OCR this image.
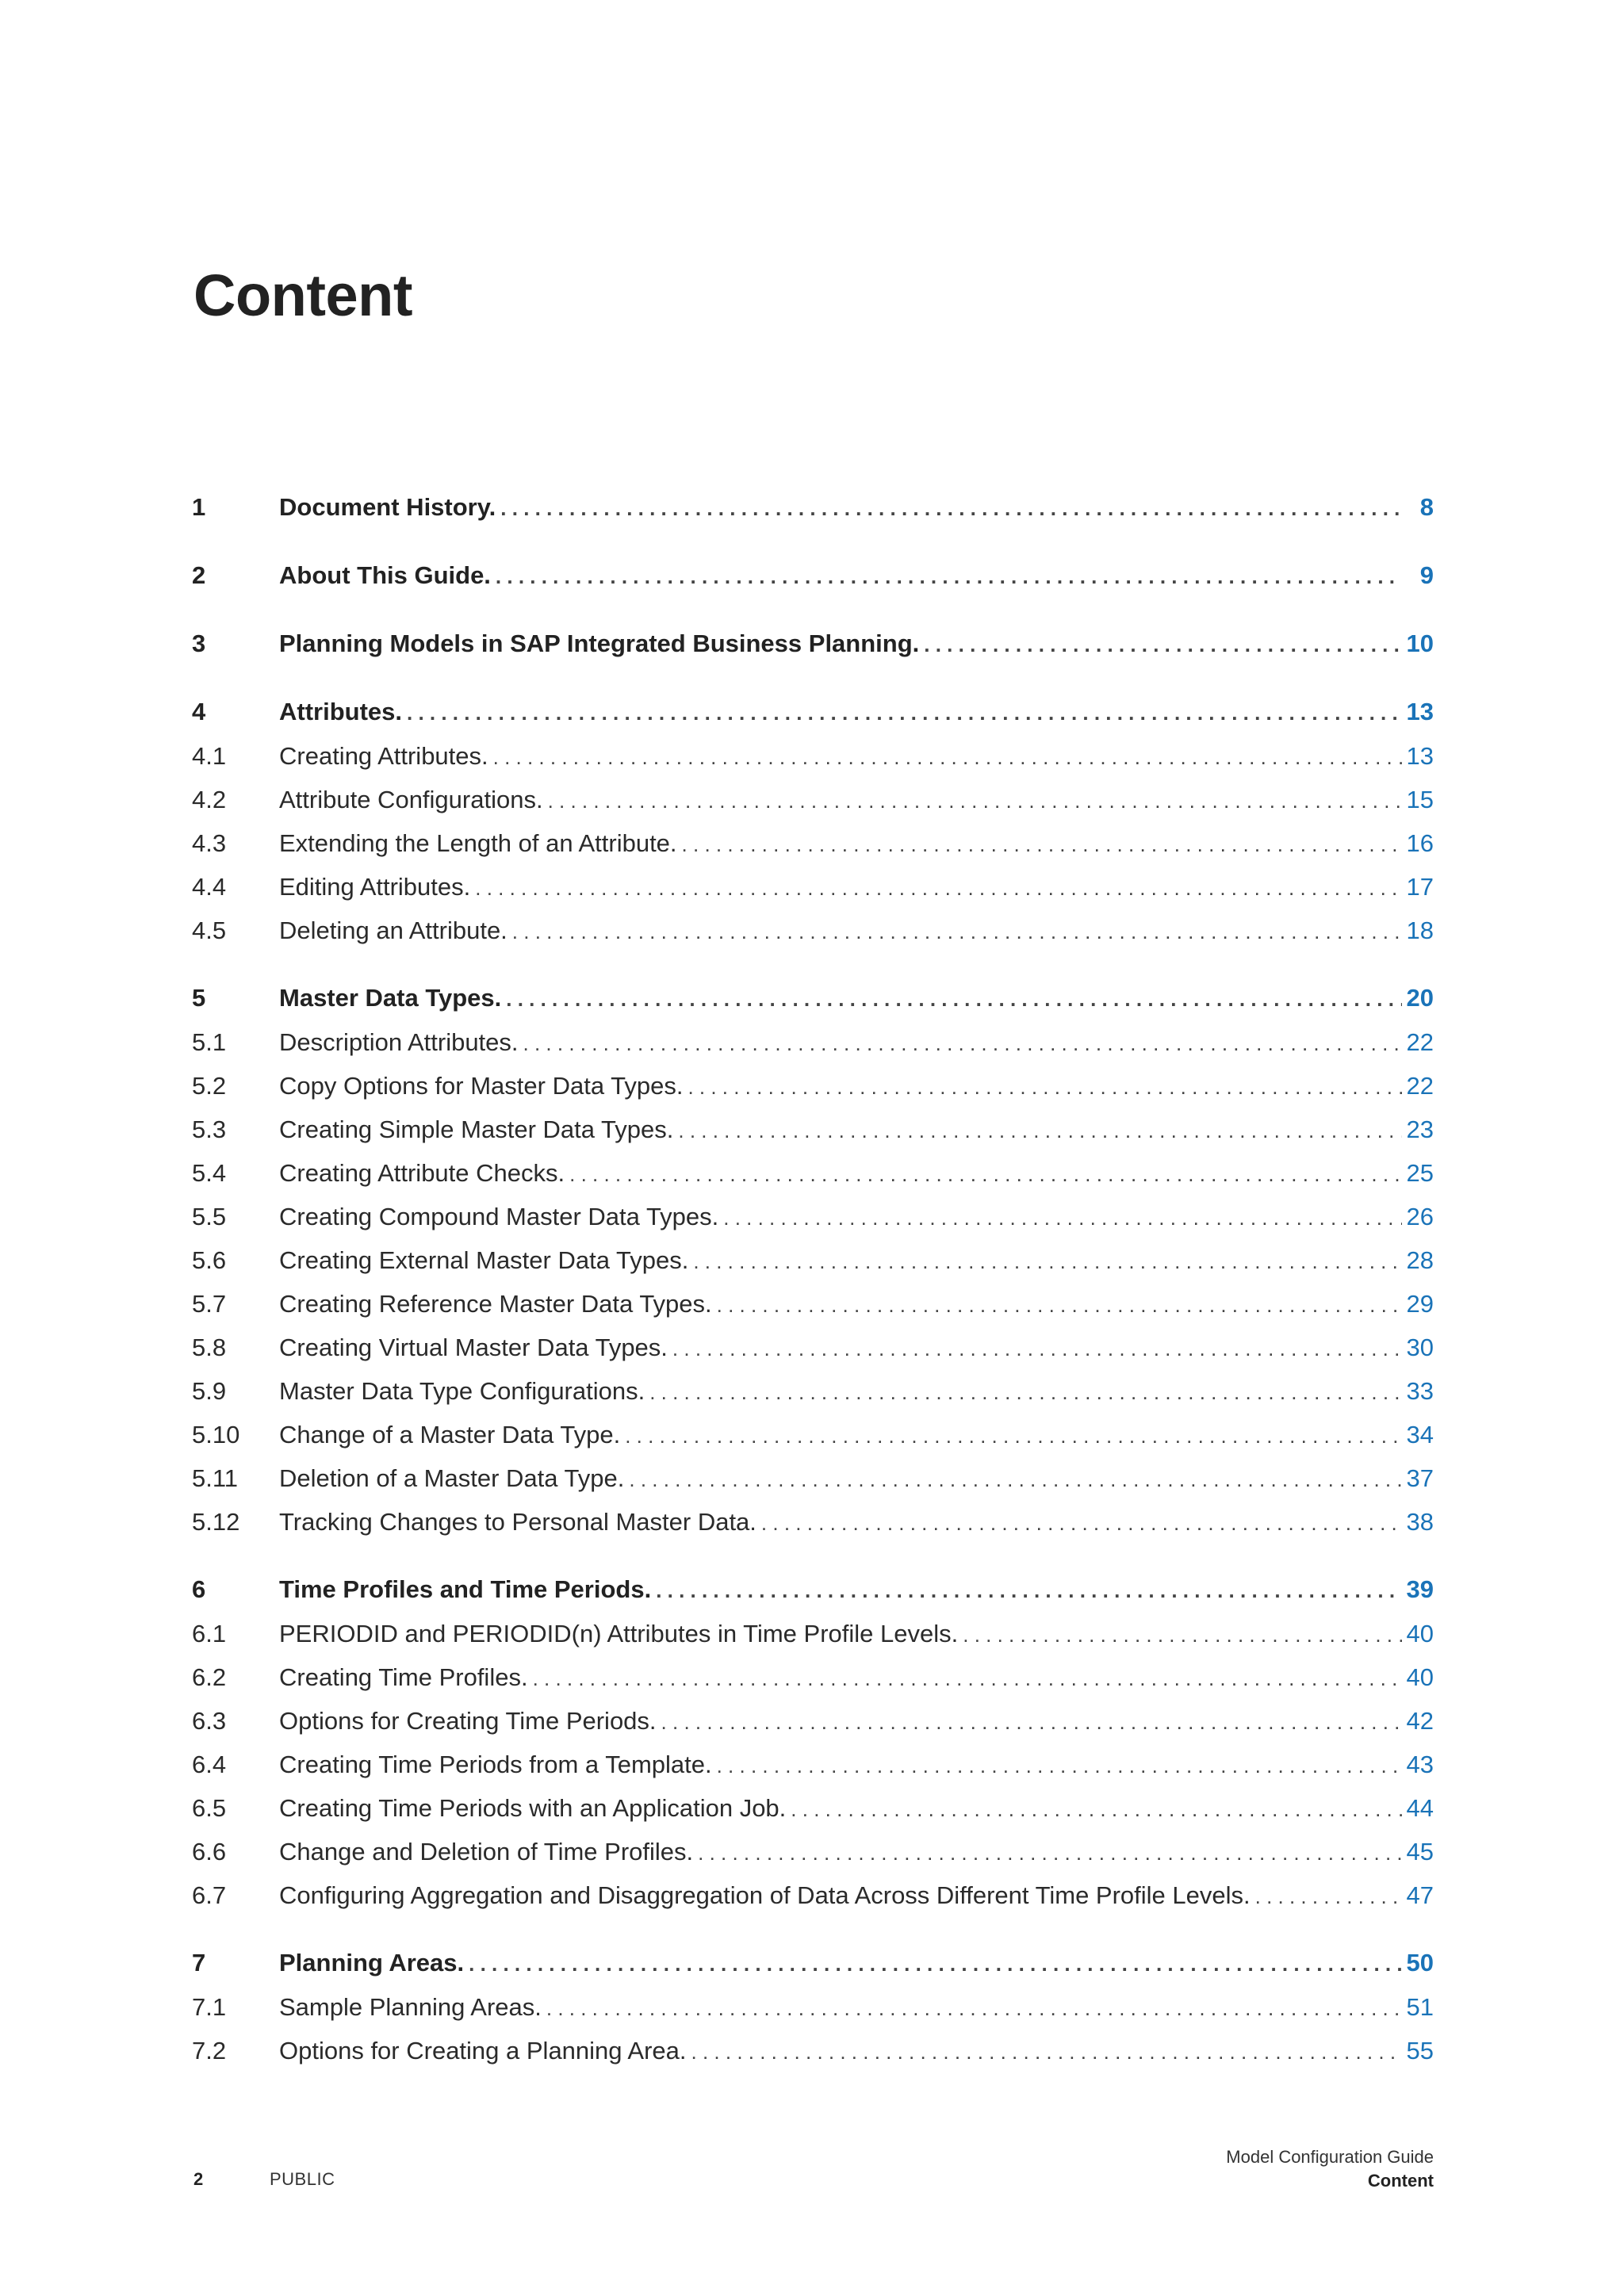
Content
1	Document History. . . .	8
2	About This Guide. . . .	9
3	Planning Models in SAP Integrated Business Planning. . . .	10
4	Attributes. . . .	13
4.1	Creating Attributes. . . .	13
4.2	Attribute Configurations. . . .	15
4.3	Extending the Length of an Attribute. . . .	16
4.4	Editing Attributes. . . .	17
4.5	Deleting an Attribute. . . .	18
5	Master Data Types. . . .	20
5.1	Description Attributes. . . .	22
5.2	Copy Options for Master Data Types. . . .	22
5.3	Creating Simple Master Data Types. . . .	23
5.4	Creating Attribute Checks. . . .	25
5.5	Creating Compound Master Data Types. . . .	26
5.6	Creating External Master Data Types. . . .	28
5.7	Creating Reference Master Data Types. . . .	29
5.8	Creating Virtual Master Data Types. . . .	30
5.9	Master Data Type Configurations. . . .	33
5.10	Change of a Master Data Type. . . .	34
5.11	Deletion of a Master Data Type. . . .	37
5.12	Tracking Changes to Personal Master Data. . . .	38
6	Time Profiles and Time Periods. . . .	39
6.1	PERIODID and PERIODID(n) Attributes in Time Profile Levels. . . .	40
6.2	Creating Time Profiles. . . .	40
6.3	Options for Creating Time Periods. . . .	42
6.4	Creating Time Periods from a Template. . . .	43
6.5	Creating Time Periods with an Application Job. . . .	44
6.6	Change and Deletion of Time Profiles. . . .	45
6.7	Configuring Aggregation and Disaggregation of Data Across Different Time Profile Levels. . . .	47
7	Planning Areas. . . .	50
7.1	Sample Planning Areas. . . .	51
7.2	Options for Creating a Planning Area. . . .	55
2	PUBLIC
Model Configuration Guide
Content
